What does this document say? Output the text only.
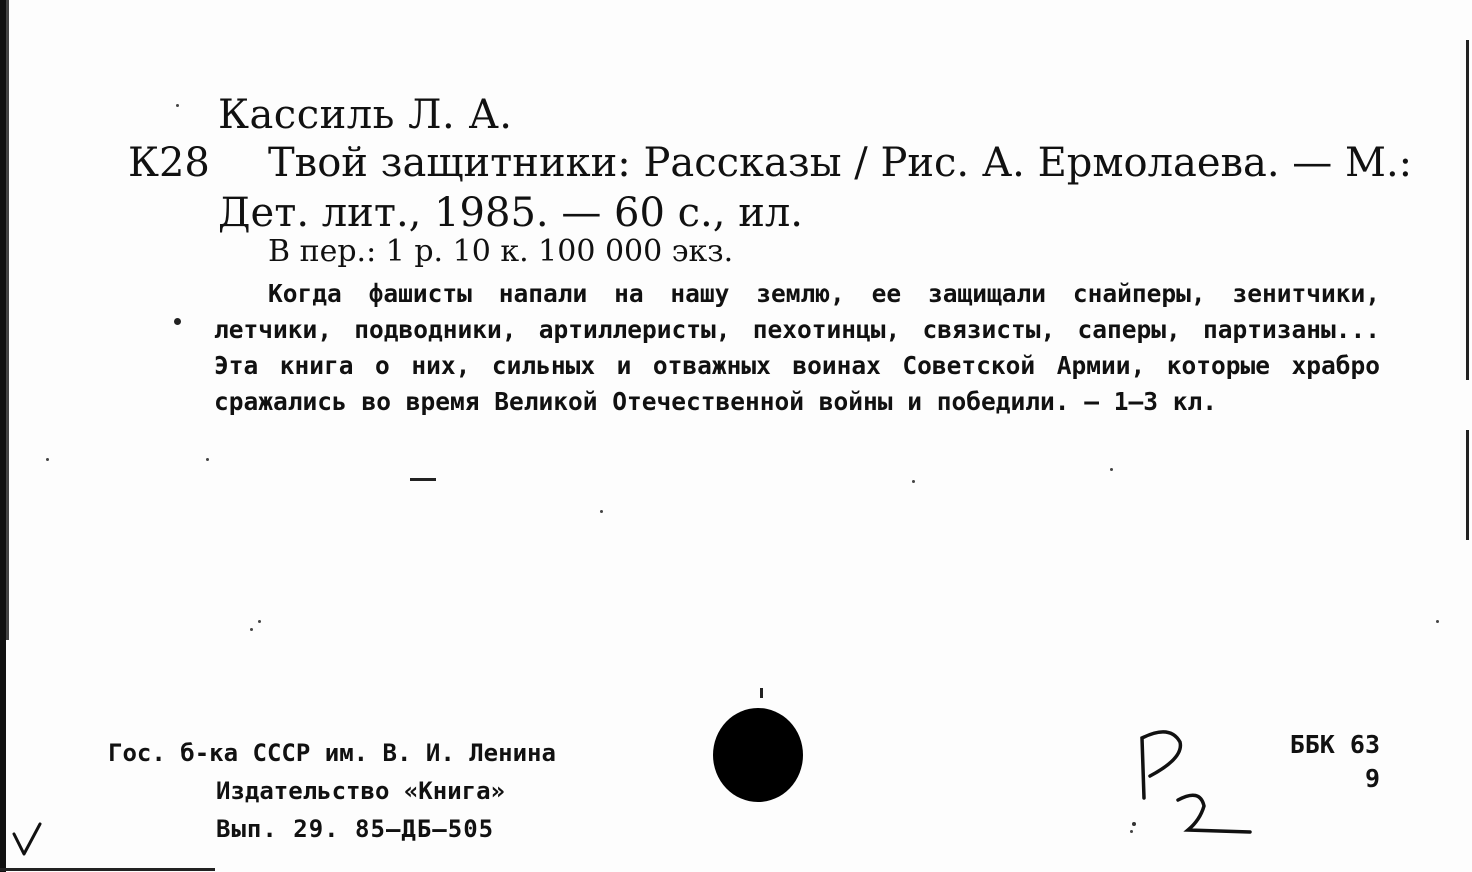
Кассиль Л. А.
К28 Твой защитники: Рассказы / Рис. А. Ермолаева. — М.:
Дет. лит., 1985. — 60 с., ил.
В пер.: 1 р. 10 к. 100 000 экз.

Когда фашисты напали на нашу землю, ее защищали снайперы, зенитчики, летчики, подводники, артиллеристы, пехотинцы, связисты, саперы, партизаны... Эта книга о них, сильных и отважных воинах Советской Армии, которые храбро сражались во время Великой Отечественной войны и победили. — 1—3 кл.

Гос. б-ка СССР им. В. И. Ленина
Издательство «Книга»
Вып. 29. 85—ДБ—505
ББК 63
9
